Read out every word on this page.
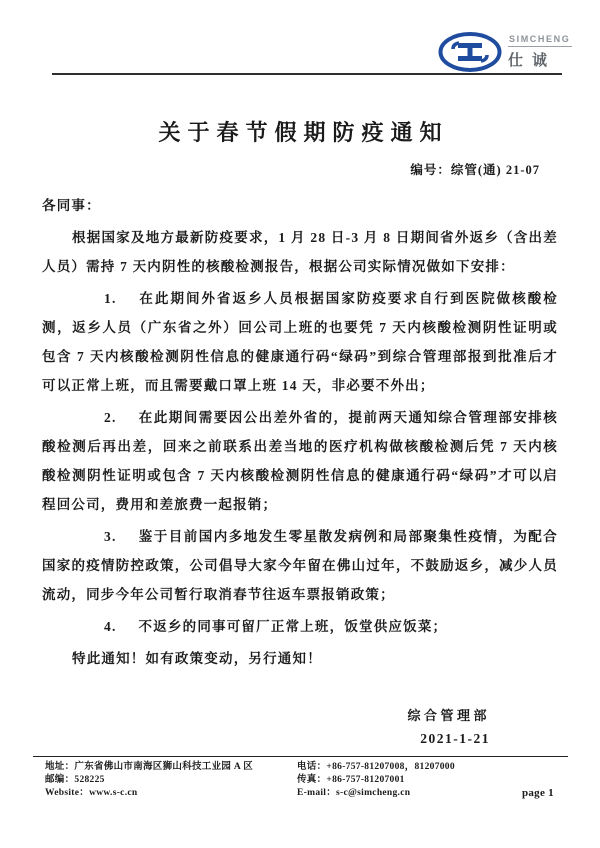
SIMCHENG
仕诚
关于春节假期防疫通知
编号：综管(通) 21-07

各同事：

根据国家及地方最新防疫要求，1 月 28 日-3 月 8 日期间省外返乡（含出差人员）需持 7 天内阴性的核酸检测报告，根据公司实际情况做如下安排：

1. 在此期间外省返乡人员根据国家防疫要求自行到医院做核酸检测，返乡人员（广东省之外）回公司上班的也要凭 7 天内核酸检测阴性证明或包含 7 天内核酸检测阴性信息的健康通行码“绿码”到综合管理部报到批准后才可以正常上班，而且需要戴口罩上班 14 天，非必要不外出；

2. 在此期间需要因公出差外省的，提前两天通知综合管理部安排核酸检测后再出差，回来之前联系出差当地的医疗机构做核酸检测后凭 7 天内核酸检测阴性证明或包含 7 天内核酸检测阴性信息的健康通行码“绿码”才可以启程回公司，费用和差旅费一起报销；

3. 鉴于目前国内多地发生零星散发病例和局部聚集性疫情，为配合国家的疫情防控政策，公司倡导大家今年留在佛山过年，不鼓励返乡，减少人员流动，同步今年公司暂行取消春节往返车票报销政策；

4. 不返乡的同事可留厂正常上班，饭堂供应饭菜；

特此通知！如有政策变动，另行通知！

综合管理部
2021-1-21
地址：广东省佛山市南海区狮山科技工业园 A 区	电话：+86-757-81207008，81207000
邮编：528225	传真：+86-757-81207001
Website：www.s-c.cn	E-mail：s-c@simcheng.cn	page 1
